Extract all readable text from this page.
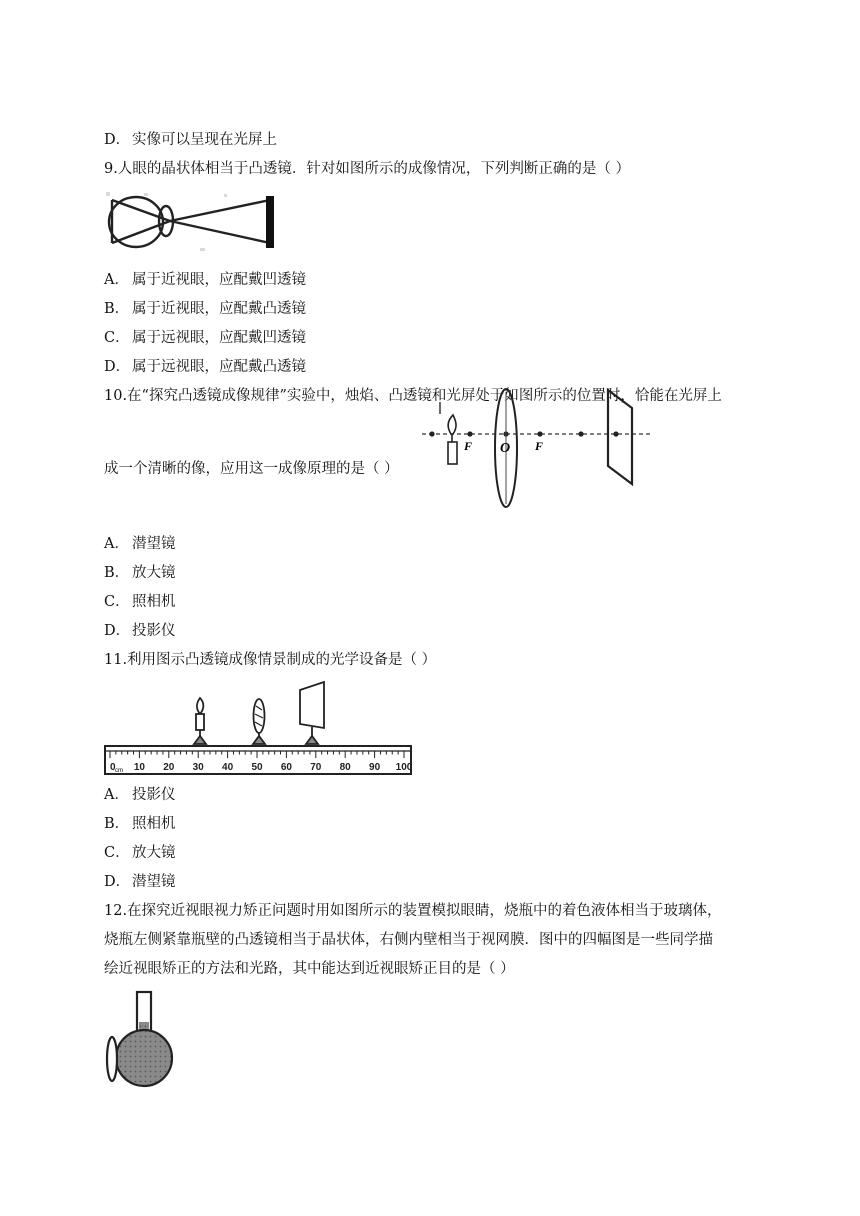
D． 实像可以呈现在光屏上
9.人眼的晶状体相当于凸透镜．针对如图所示的成像情况，下列判断正确的是（ ）
A． 属于近视眼，应配戴凹透镜
B． 属于近视眼，应配戴凸透镜
C． 属于远视眼，应配戴凹透镜
D． 属于远视眼，应配戴凸透镜
10.在“探究凸透镜成像规律”实验中，烛焰、凸透镜和光屏处于如图所示的位置时，恰能在光屏上
成一个清晰的像，应用这一成像原理的是（ ）
F O F
A． 潜望镜
B． 放大镜
C． 照相机
D． 投影仪
11.利用图示凸透镜成像情景制成的光学设备是（ ）
0 10 20 30 40 50 60 70 80 90 100
cm
A． 投影仪
B． 照相机
C． 放大镜
D． 潜望镜
12.在探究近视眼视力矫正问题时用如图所示的装置模拟眼睛，烧瓶中的着色液体相当于玻璃体，
烧瓶左侧紧靠瓶壁的凸透镜相当于晶状体，右侧内壁相当于视网膜．图中的四幅图是一些同学描
绘近视眼矫正的方法和光路，其中能达到近视眼矫正目的是（ ）
